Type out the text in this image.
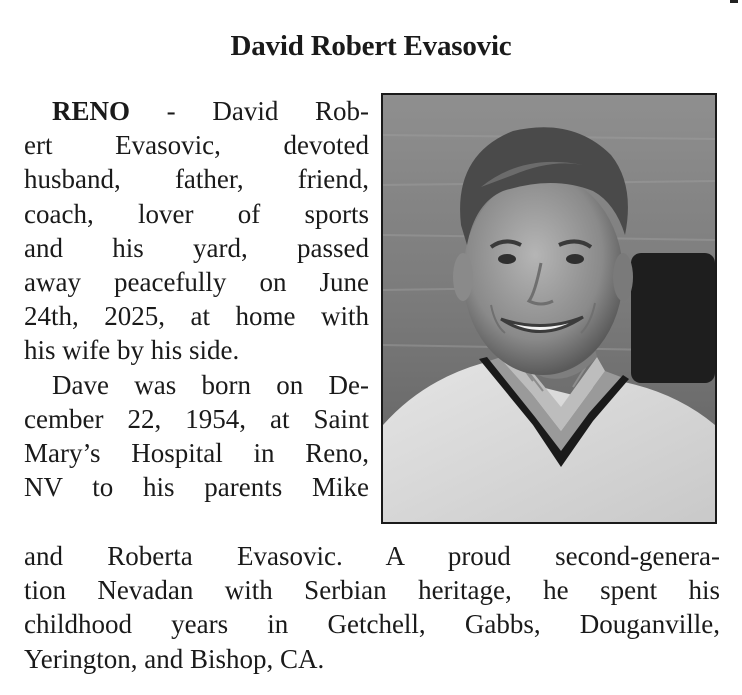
David Robert Evasovic
RENO - David Rob-
ert Evasovic, devoted
husband, father, friend,
coach, lover of sports
and his yard, passed
away peacefully on June
24th, 2025, at home with
his wife by his side.
Dave was born on De-
cember 22, 1954, at Saint
Mary’s Hospital in Reno,
NV to his parents Mike
and Roberta Evasovic. A proud second-genera-
tion Nevadan with Serbian heritage, he spent his
childhood years in Getchell, Gabbs, Douganville,
Yerington, and Bishop, CA.
